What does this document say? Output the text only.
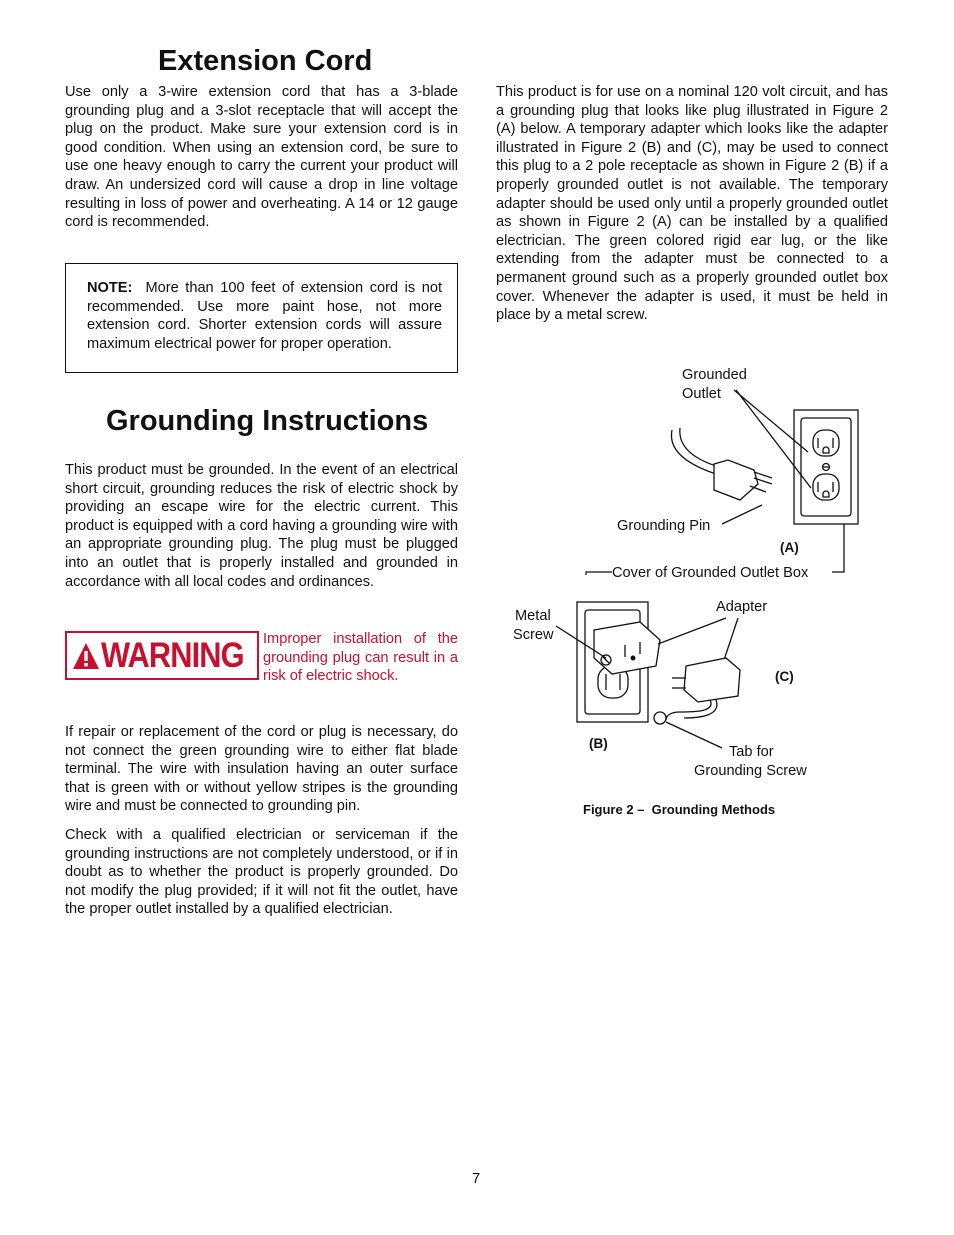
Extension Cord

Use only a 3-wire extension cord that has a 3-blade grounding plug and a 3-slot receptacle that will accept the plug on the product. Make sure your extension cord is in good condition. When using an extension cord, be sure to use one heavy enough to carry the current your product will draw. An undersized cord will cause a drop in line voltage resulting in loss of power and overheating. A 14 or 12 gauge cord is recommended.

NOTE: More than 100 feet of extension cord is not recommended. Use more paint hose, not more extension cord. Shorter extension cords will assure maximum electrical power for proper operation.

Grounding Instructions

This product must be grounded. In the event of an electrical short circuit, grounding reduces the risk of electric shock by providing an escape wire for the electric current. This product is equipped with a cord having a grounding wire with an appropriate grounding plug. The plug must be plugged into an outlet that is properly installed and grounded in accordance with all local codes and ordinances.

WARNING Improper installation of the grounding plug can result in a risk of electric shock.

If repair or replacement of the cord or plug is necessary, do not connect the green grounding wire to either flat blade terminal. The wire with insulation having an outer surface that is green with or without yellow stripes is the grounding wire and must be connected to grounding pin.

Check with a qualified electrician or serviceman if the grounding instructions are not completely understood, or if in doubt as to whether the product is properly grounded. Do not modify the plug provided; if it will not fit the outlet, have the proper outlet installed by a qualified electrician.

This product is for use on a nominal 120 volt circuit, and has a grounding plug that looks like plug illustrated in Figure 2 (A) below. A temporary adapter which looks like the adapter illustrated in Figure 2 (B) and (C), may be used to connect this plug to a 2 pole receptacle as shown in Figure 2 (B) if a properly grounded outlet is not available. The temporary adapter should be used only until a properly grounded outlet as shown in Figure 2 (A) can be installed by a qualified electrician. The green colored rigid ear lug, or the like extending from the adapter must be connected to a permanent ground such as a properly grounded outlet box cover. Whenever the adapter is used, it must be held in place by a metal screw.

Grounded
Outlet
Grounding Pin
(A)
Cover of Grounded Outlet Box
Metal
Screw
Adapter
(C)
(B)
Tab for
Grounding Screw
Figure 2 –  Grounding Methods
7
